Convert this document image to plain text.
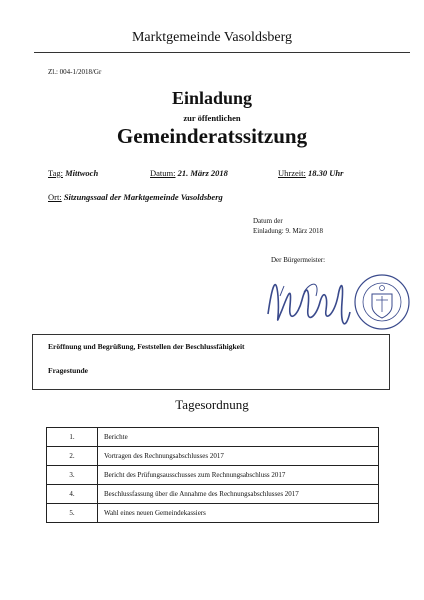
Marktgemeinde Vasoldsberg
Zl.: 004-1/2018/Gr
Einladung
zur öffentlichen
Gemeinderatssitzung
Tag: Mittwoch	Datum: 21. März 2018	Uhrzeit: 18.30 Uhr
Ort: Sitzungssaal der Marktgemeinde Vasoldsberg
Datum der
Einladung: 9. März 2018
Der Bürgermeister:
Eröffnung und Begrüßung, Feststellen der Beschlussfähigkeit
Fragestunde
Tagesordnung
1.	Berichte
2.	Vortragen des Rechnungsabschlusses 2017
3.	Bericht des Prüfungsausschusses zum Rechnungsabschluss 2017
4.	Beschlussfassung über die Annahme des Rechnungsabschlusses 2017
5.	Wahl eines neuen Gemeindekassiers
